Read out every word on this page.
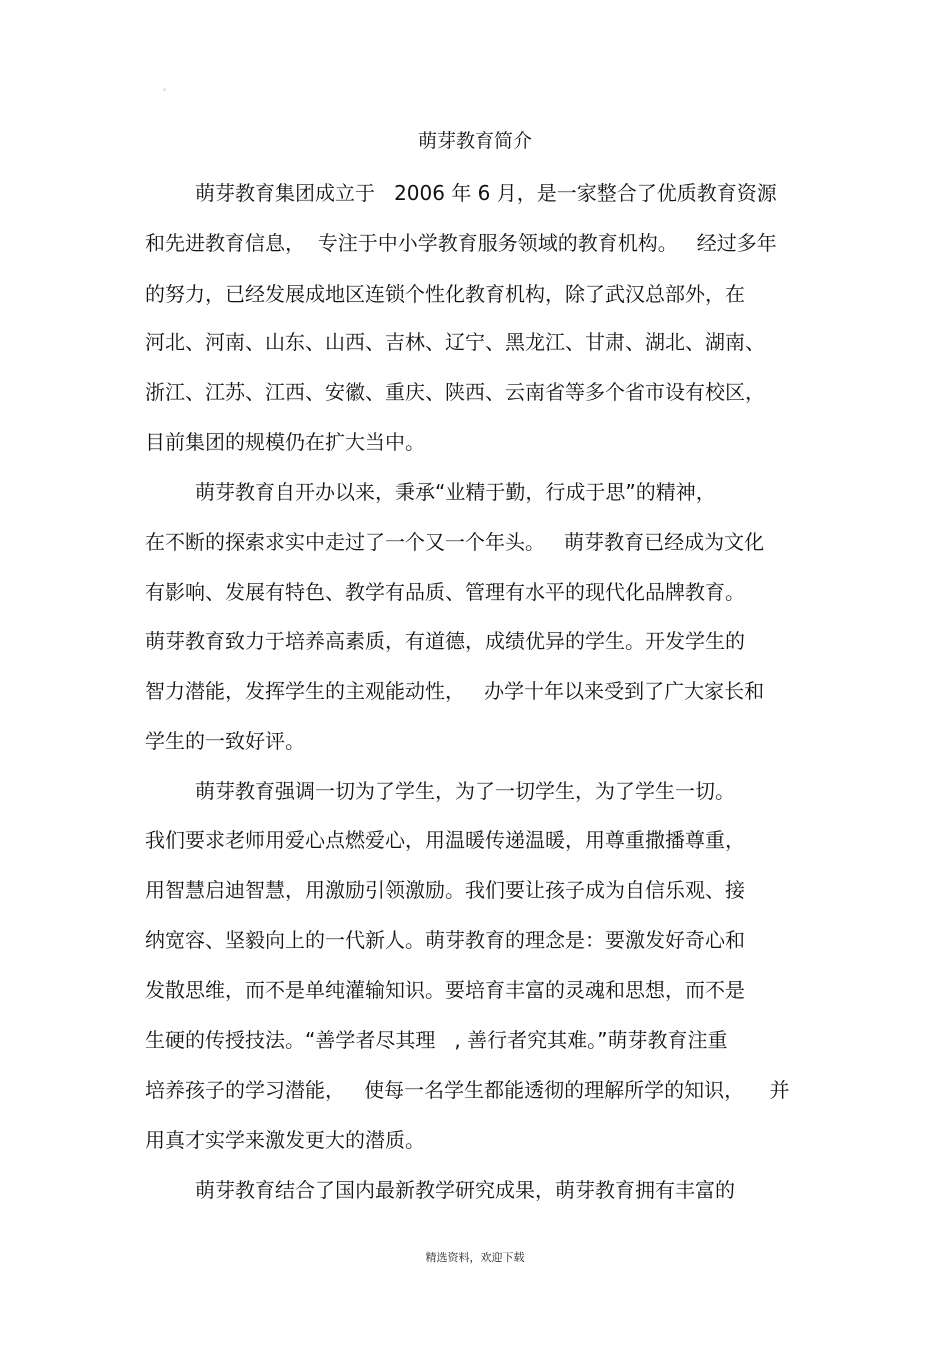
。
萌芽教育简介
萌芽教育集团成立于   2006 年 6 月，是一家整合了优质教育资源
和先进教育信息，  专注于中小学教育服务领域的教育机构。   经过多年
的努力，已经发展成地区连锁个性化教育机构，除了武汉总部外，在
河北、河南、山东、山西、吉林、辽宁、黑龙江、甘肃、湖北、湖南、
浙江、江苏、江西、安徽、重庆、陕西、云南省等多个省市设有校区，
目前集团的规模仍在扩大当中。
萌芽教育自开办以来，秉承“业精于勤，行成于思”的精神，
在不断的探索求实中走过了一个又一个年头。   萌芽教育已经成为文化
有影响、发展有特色、教学有品质、管理有水平的现代化品牌教育。
萌芽教育致力于培养高素质，有道德，成绩优异的学生。开发学生的
智力潜能，发挥学生的主观能动性，   办学十年以来受到了广大家长和
学生的一致好评。
萌芽教育强调一切为了学生，为了一切学生，为了学生一切。
我们要求老师用爱心点燃爱心，用温暖传递温暖，用尊重撒播尊重，
用智慧启迪智慧，用激励引领激励。我们要让孩子成为自信乐观、接
纳宽容、坚毅向上的一代新人。萌芽教育的理念是：要激发好奇心和
发散思维，而不是单纯灌输知识。要培育丰富的灵魂和思想，而不是
生硬的传授技法。“善学者尽其理   , 善行者究其难。”萌芽教育注重
培养孩子的学习潜能，   使每一名学生都能透彻的理解所学的知识，    并
用真才实学来激发更大的潜质。
萌芽教育结合了国内最新教学研究成果，萌芽教育拥有丰富的
精选资料，欢迎下载
